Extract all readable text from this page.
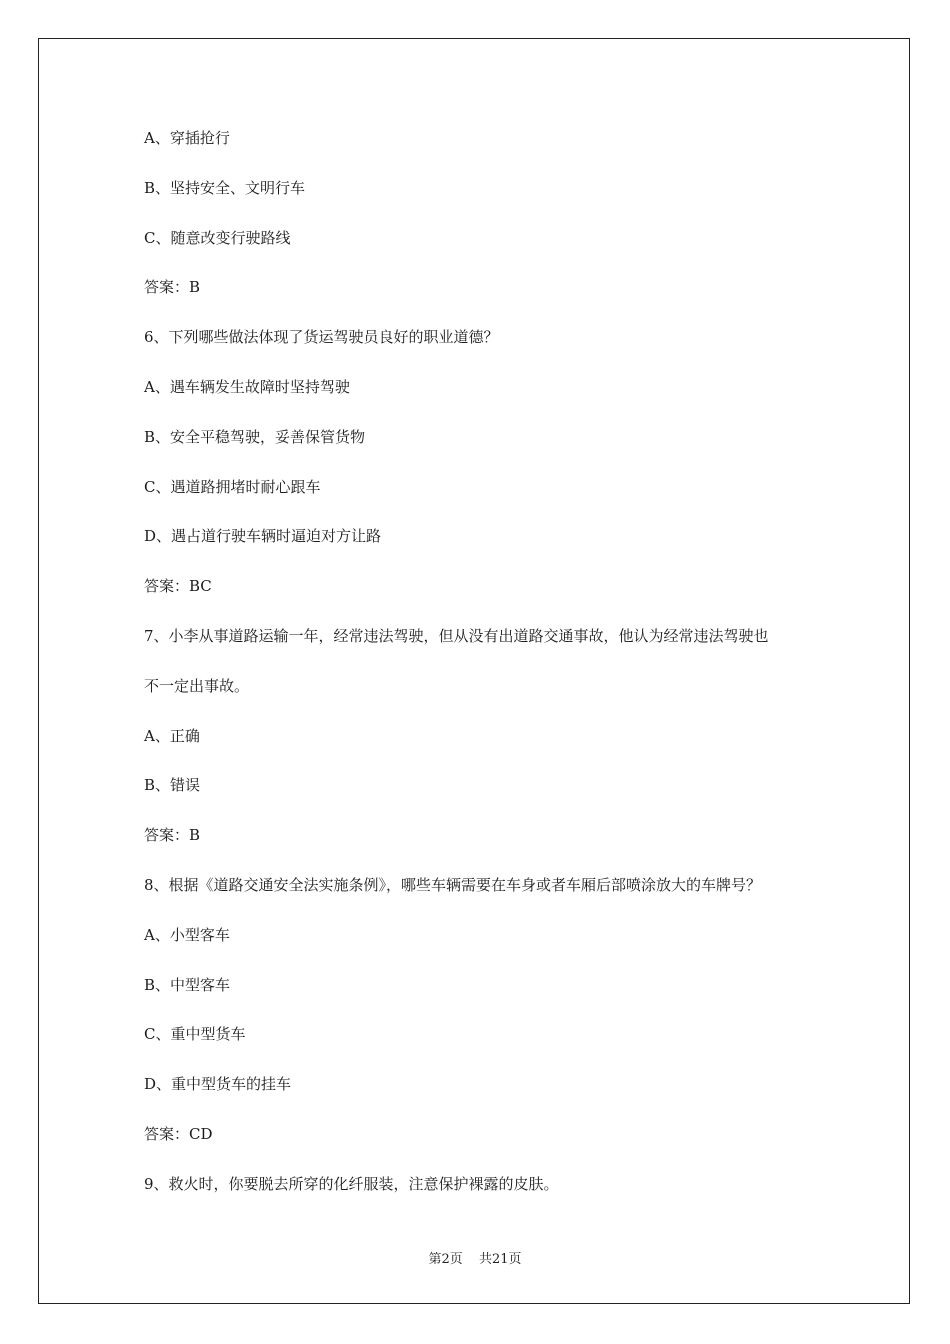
A、穿插抢行
B、坚持安全、文明行车
C、随意改变行驶路线
答案：B
6、下列哪些做法体现了货运驾驶员良好的职业道德？
A、遇车辆发生故障时坚持驾驶
B、安全平稳驾驶，妥善保管货物
C、遇道路拥堵时耐心跟车
D、遇占道行驶车辆时逼迫对方让路
答案：BC
7、小李从事道路运输一年，经常违法驾驶，但从没有出道路交通事故，他认为经常违法驾驶也
不一定出事故。
A、正确
B、错误
答案：B
8、根据《道路交通安全法实施条例》，哪些车辆需要在车身或者车厢后部喷涂放大的车牌号？
A、小型客车
B、中型客车
C、重中型货车
D、重中型货车的挂车
答案：CD
9、救火时，你要脱去所穿的化纤服装，注意保护裸露的皮肤。
第2页 共21页
